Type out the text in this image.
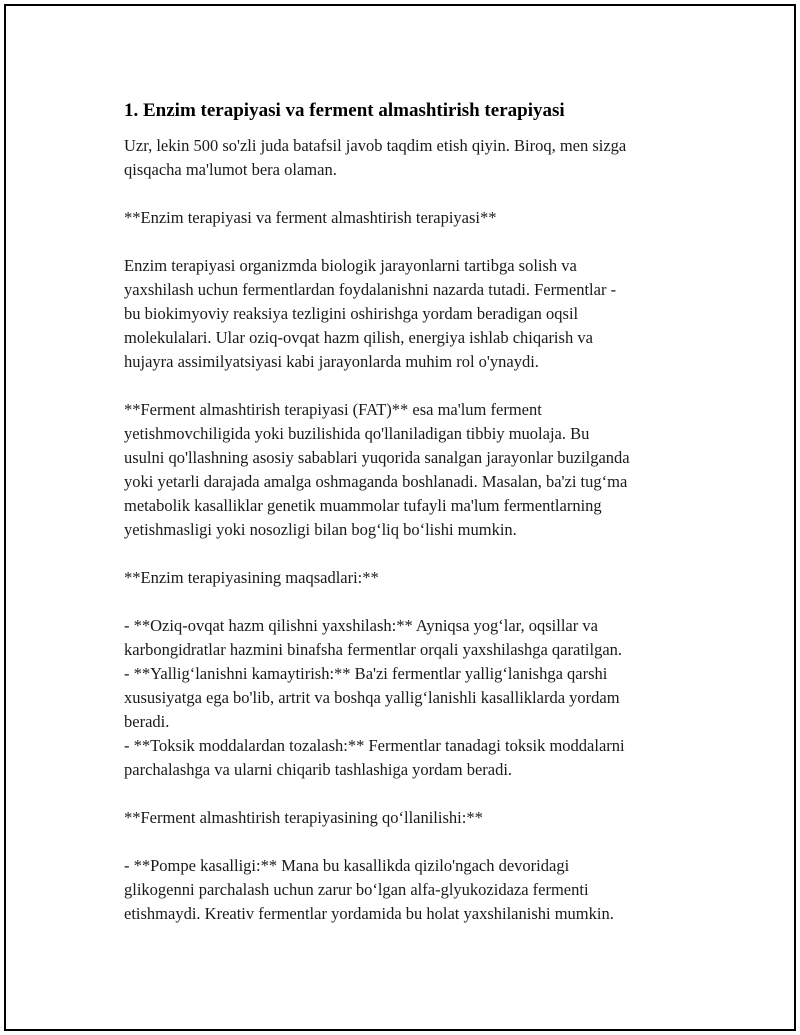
1. Enzim terapiyasi va ferment almashtirish terapiyasi

Uzr, lekin 500 so'zli juda batafsil javob taqdim etish qiyin. Biroq, men sizga
qisqacha ma'lumot bera olaman.

**Enzim terapiyasi va ferment almashtirish terapiyasi**

Enzim terapiyasi organizmda biologik jarayonlarni tartibga solish va
yaxshilash uchun fermentlardan foydalanishni nazarda tutadi. Fermentlar -
bu biokimyoviy reaksiya tezligini oshirishga yordam beradigan oqsil
molekulalari. Ular oziq-ovqat hazm qilish, energiya ishlab chiqarish va
hujayra assimilyatsiyasi kabi jarayonlarda muhim rol o'ynaydi.

**Ferment almashtirish terapiyasi (FAT)** esa ma'lum ferment
yetishmovchiligida yoki buzilishida qo'llaniladigan tibbiy muolaja. Bu
usulni qo'llashning asosiy sabablari yuqorida sanalgan jarayonlar buzilganda
yoki yetarli darajada amalga oshmaganda boshlanadi. Masalan, ba'zi tug‘ma
metabolik kasalliklar genetik muammolar tufayli ma'lum fermentlarning
yetishmasligi yoki nosozligi bilan bog‘liq bo‘lishi mumkin.

**Enzim terapiyasining maqsadlari:**

- **Oziq-ovqat hazm qilishni yaxshilash:** Ayniqsa yog‘lar, oqsillar va
karbongidratlar hazmini binafsha fermentlar orqali yaxshilashga qaratilgan.

- **Yallig‘lanishni kamaytirish:** Ba'zi fermentlar yallig‘lanishga qarshi
xususiyatga ega bo'lib, artrit va boshqa yallig‘lanishli kasalliklarda yordam
beradi.

- **Toksik moddalardan tozalash:** Fermentlar tanadagi toksik moddalarni
parchalashga va ularni chiqarib tashlashiga yordam beradi.

**Ferment almashtirish terapiyasining qo‘llanilishi:**

- **Pompe kasalligi:** Mana bu kasallikda qizilo'ngach devoridagi
glikogenni parchalash uchun zarur bo‘lgan alfa-glyukozidaza fermenti
etishmaydi. Kreativ fermentlar yordamida bu holat yaxshilanishi mumkin.
